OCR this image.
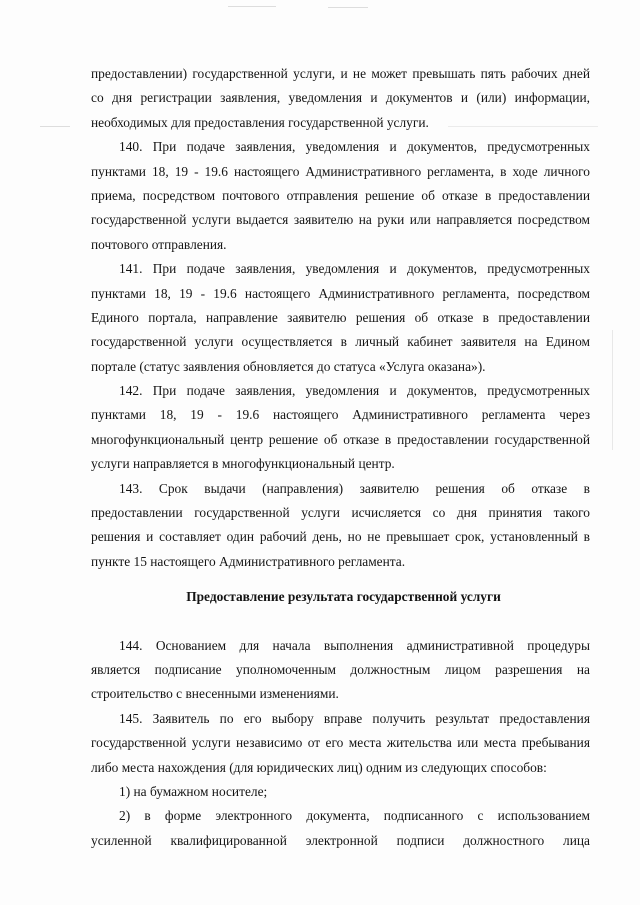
предоставлении) государственной услуги, и не может превышать пять рабочих дней
со дня регистрации заявления, уведомления и документов и (или) информации,
необходимых для предоставления государственной услуги.
140. При подаче заявления, уведомления и документов, предусмотренных
пунктами 18, 19 - 19.6 настоящего Административного регламента, в ходе личного
приема, посредством почтового отправления решение об отказе в предоставлении
государственной услуги выдается заявителю на руки или направляется посредством
почтового отправления.
141. При подаче заявления, уведомления и документов, предусмотренных
пунктами 18, 19 - 19.6 настоящего Административного регламента, посредством
Единого портала, направление заявителю решения об отказе в предоставлении
государственной услуги осуществляется в личный кабинет заявителя на Едином
портале (статус заявления обновляется до статуса «Услуга оказана»).
142. При подаче заявления, уведомления и документов, предусмотренных
пунктами 18, 19 - 19.6 настоящего Административного регламента через
многофункциональный центр решение об отказе в предоставлении государственной
услуги направляется в многофункциональный центр.
143. Срок выдачи (направления) заявителю решения об отказе в
предоставлении государственной услуги исчисляется со дня принятия такого
решения и составляет один рабочий день, но не превышает срок, установленный в
пункте 15 настоящего Административного регламента.
Предоставление результата государственной услуги
144. Основанием для начала выполнения административной процедуры
является подписание уполномоченным должностным лицом разрешения на
строительство с внесенными изменениями.
145. Заявитель по его выбору вправе получить результат предоставления
государственной услуги независимо от его места жительства или места пребывания
либо места нахождения (для юридических лиц) одним из следующих способов:
1) на бумажном носителе;
2) в форме электронного документа, подписанного с использованием
усиленной квалифицированной электронной подписи должностного лица
